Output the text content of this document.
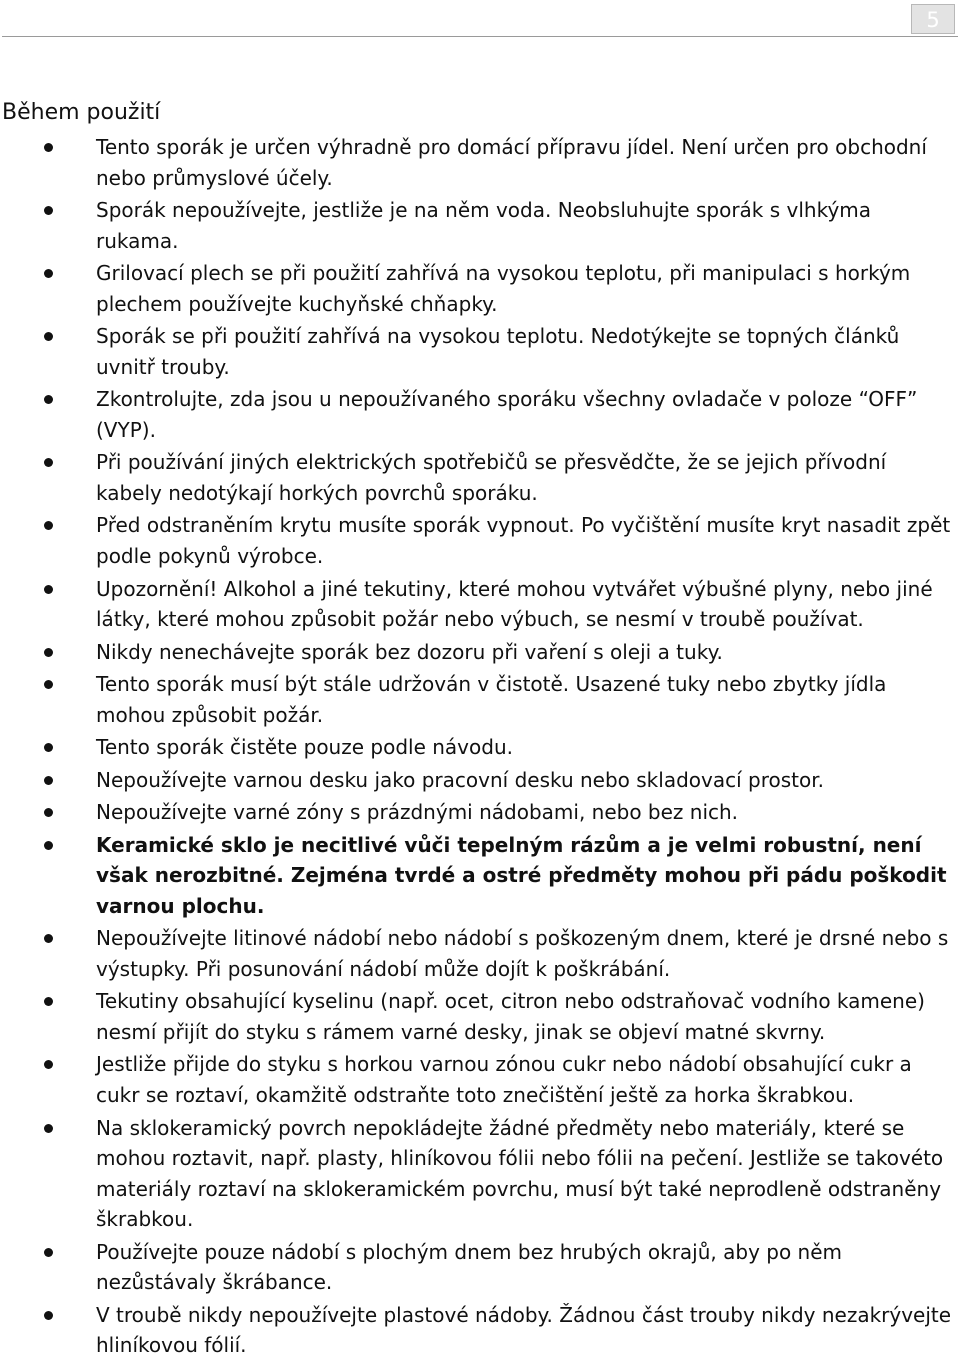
5
Během použití
Tento sporák je určen výhradně pro domácí přípravu jídel. Není určen pro obchodní nebo průmyslové účely.
Sporák nepoužívejte, jestliže je na něm voda. Neobsluhujte sporák s vlhkýma rukama.
Grilovací plech se při použití zahřívá na vysokou teplotu, při manipulaci s horkým plechem používejte kuchyňské chňapky.
Sporák se při použití zahřívá na vysokou teplotu. Nedotýkejte se topných článků uvnitř trouby.
Zkontrolujte, zda jsou u nepoužívaného sporáku všechny ovladače v poloze “OFF” (VYP).
Při používání jiných elektrických spotřebičů se přesvědčte, že se jejich přívodní kabely nedotýkají horkých povrchů sporáku.
Před odstraněním krytu musíte sporák vypnout. Po vyčištění musíte kryt nasadit zpět podle pokynů výrobce.
Upozornění! Alkohol a jiné tekutiny, které mohou vytvářet výbušné plyny, nebo jiné látky, které mohou způsobit požár nebo výbuch, se nesmí v troubě používat.
Nikdy nenechávejte sporák bez dozoru při vaření s oleji a tuky.
Tento sporák musí být stále udržován v čistotě. Usazené tuky nebo zbytky jídla mohou způsobit požár.
Tento sporák čistěte pouze podle návodu.
Nepoužívejte varnou desku jako pracovní desku nebo skladovací prostor.
Nepoužívejte varné zóny s prázdnými nádobami, nebo bez nich.
Keramické sklo je necitlivé vůči tepelným rázům a je velmi robustní, není však nerozbitné. Zejména tvrdé a ostré předměty mohou při pádu poškodit varnou plochu.
Nepoužívejte litinové nádobí nebo nádobí s poškozeným dnem, které je drsné nebo s výstupky. Při posunování nádobí může dojít k poškrábání.
Tekutiny obsahující kyselinu (např. ocet, citron nebo odstraňovač vodního kamene) nesmí přijít do styku s rámem varné desky, jinak se objeví matné skvrny.
Jestliže přijde do styku s horkou varnou zónou cukr nebo nádobí obsahující cukr a cukr se roztaví, okamžitě odstraňte toto znečištění ještě za horka škrabkou.
Na sklokeramický povrch nepokládejte žádné předměty nebo materiály, které se mohou roztavit, např. plasty, hliníkovou fólii nebo fólii na pečení. Jestliže se takovéto materiály roztaví na sklokeramickém povrchu, musí být také neprodleně odstraněny škrabkou.
Používejte pouze nádobí s plochým dnem bez hrubých okrajů, aby po něm nezůstávaly škrábance.
V troubě nikdy nepoužívejte plastové nádoby. Žádnou část trouby nikdy nezakrývejte hliníkovou fólií.
